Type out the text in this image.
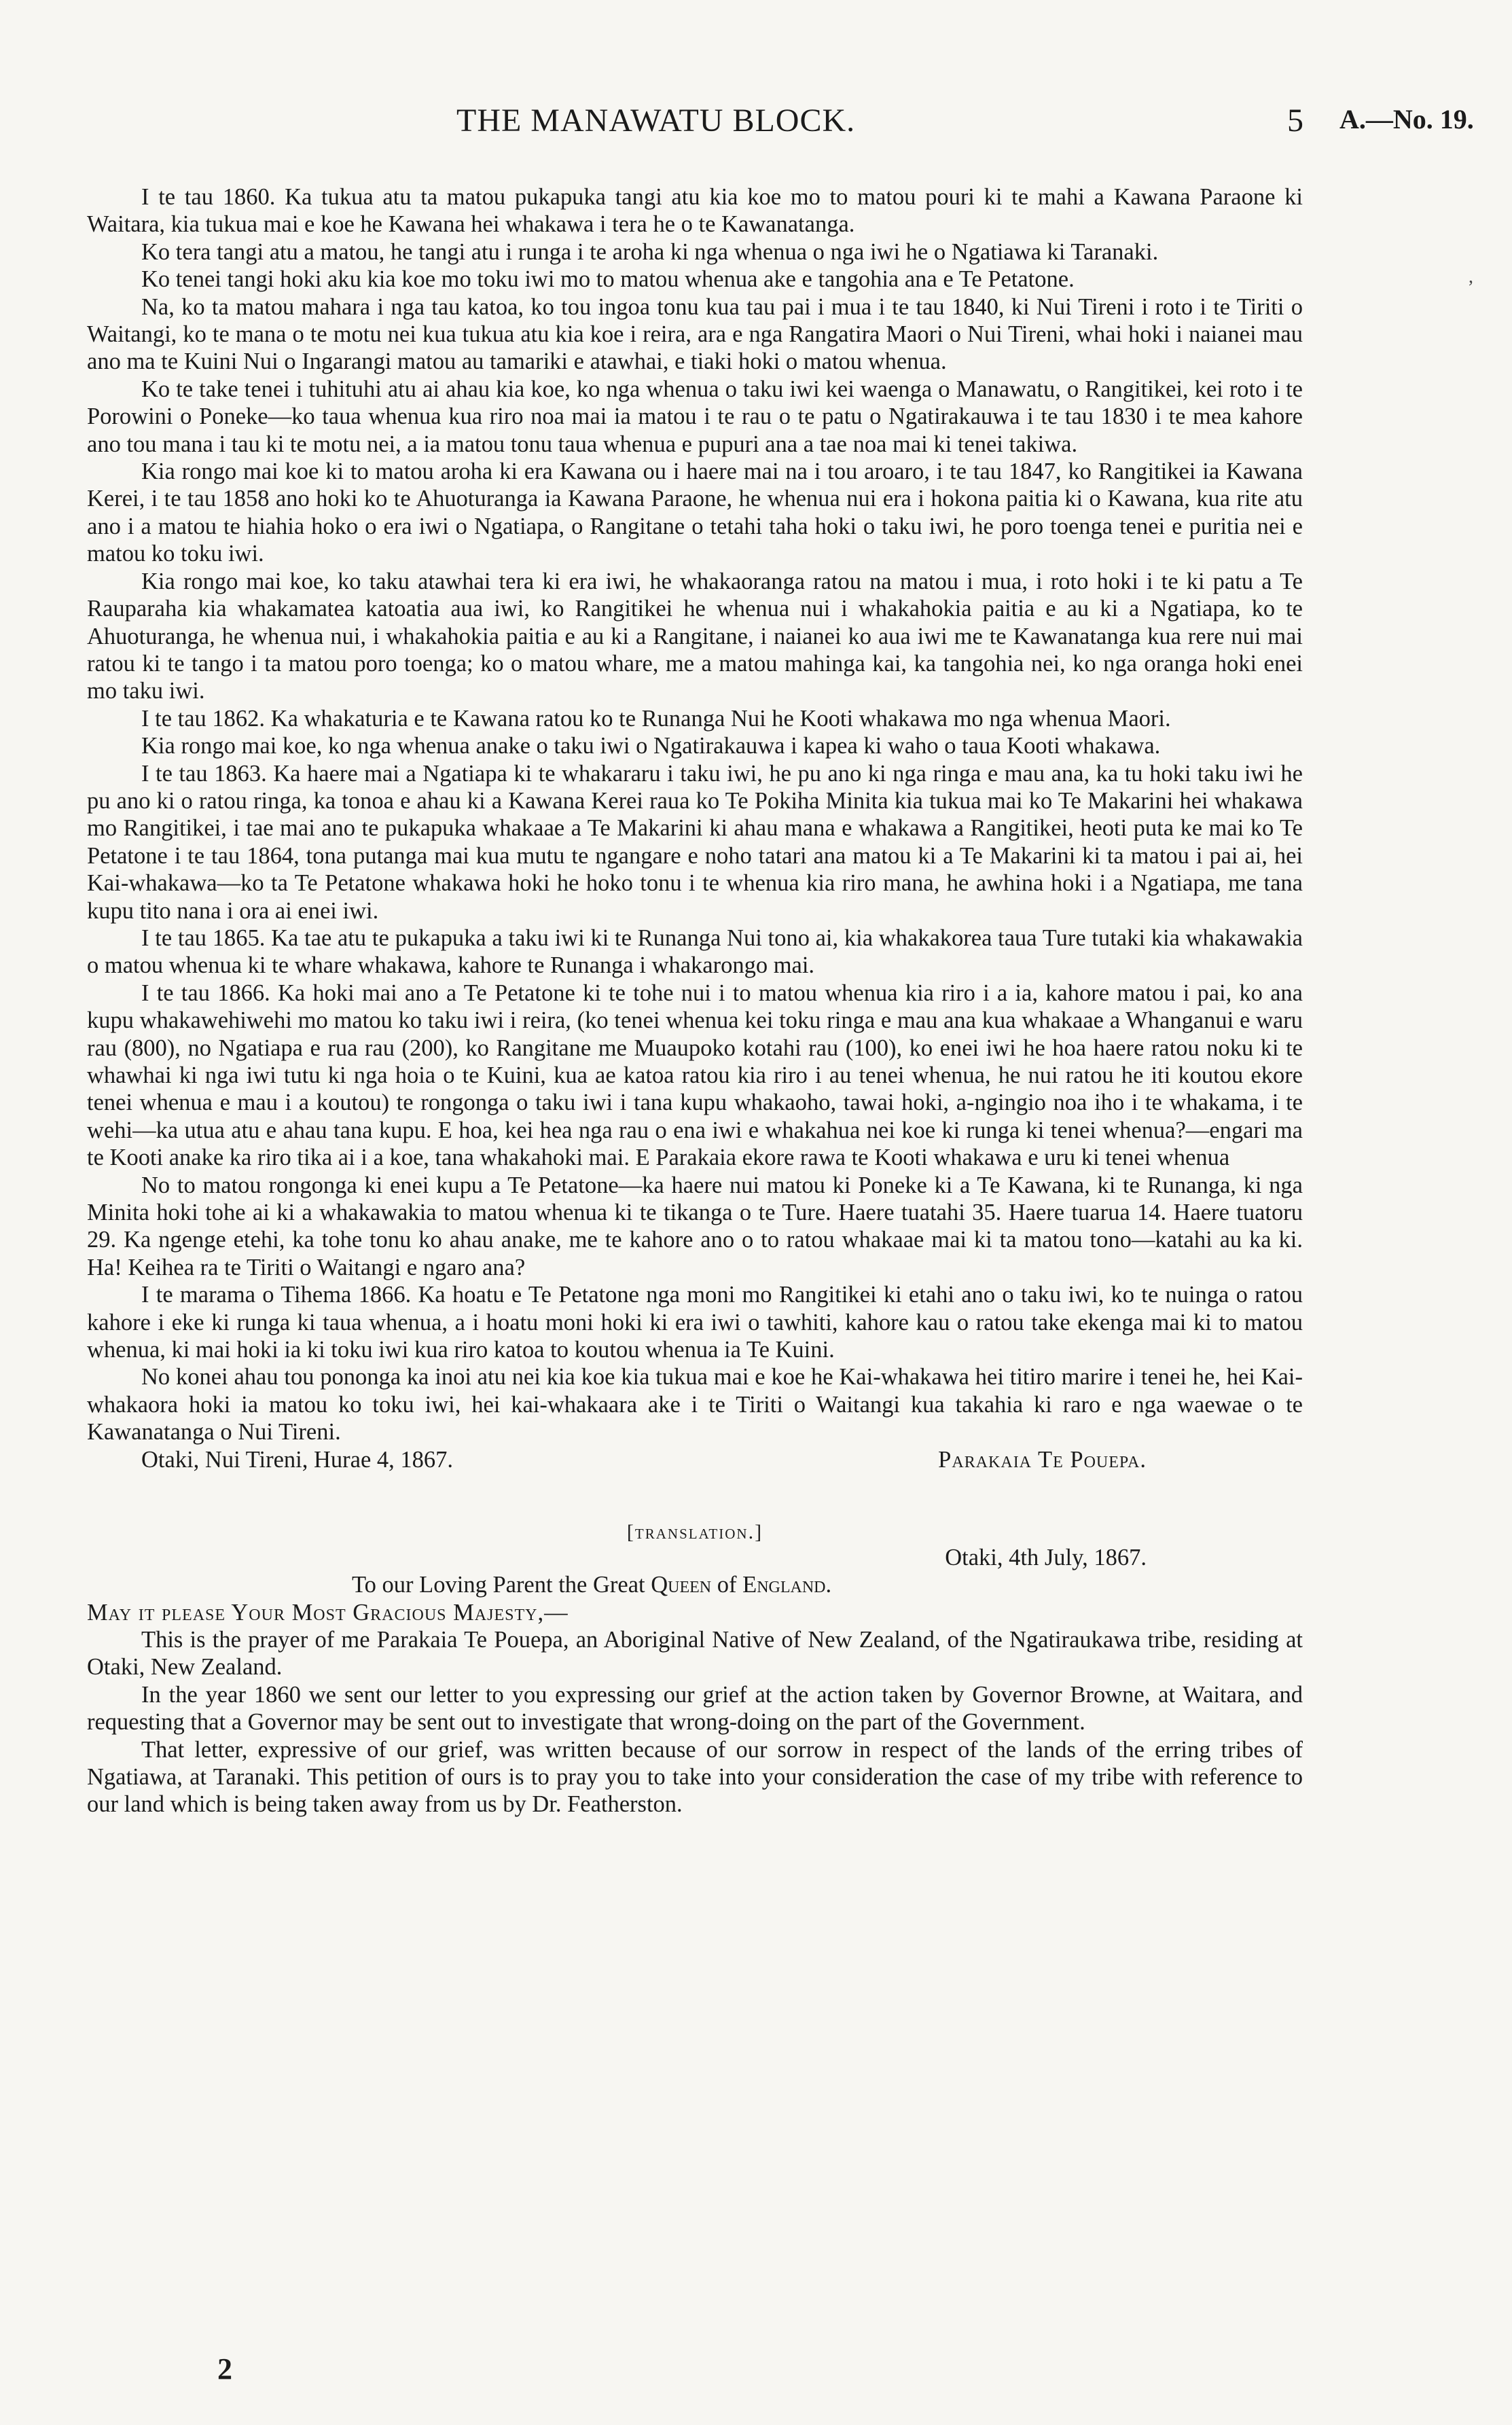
THE MANAWATU BLOCK.	5 A.—No. 19.

I te tau 1860. Ka tukua atu ta matou pukapuka tangi atu kia koe mo to matou pouri ki te mahi a Kawana Paraone ki Waitara, kia tukua mai e koe he Kawana hei whakawa i tera he o te Kawanatanga.

Ko tera tangi atu a matou, he tangi atu i runga i te aroha ki nga whenua o nga iwi he o Ngatiawa ki Taranaki.

Ko tenei tangi hoki aku kia koe mo toku iwi mo to matou whenua ake e tangohia ana e Te Petatone.

Na, ko ta matou mahara i nga tau katoa, ko tou ingoa tonu kua tau pai i mua i te tau 1840, ki Nui Tireni i roto i te Tiriti o Waitangi, ko te mana o te motu nei kua tukua atu kia koe i reira, ara e nga Rangatira Maori o Nui Tireni, whai hoki i naianei mau ano ma te Kuini Nui o Ingarangi matou au tamariki e atawhai, e tiaki hoki o matou whenua.

Ko te take tenei i tuhituhi atu ai ahau kia koe, ko nga whenua o taku iwi kei waenga o Manawatu, o Rangitikei, kei roto i te Porowini o Poneke—ko taua whenua kua riro noa mai ia matou i te rau o te patu o Ngatirakauwa i te tau 1830 i te mea kahore ano tou mana i tau ki te motu nei, a ia matou tonu taua whenua e pupuri ana a tae noa mai ki tenei takiwa.

Kia rongo mai koe ki to matou aroha ki era Kawana ou i haere mai na i tou aroaro, i te tau 1847, ko Rangitikei ia Kawana Kerei, i te tau 1858 ano hoki ko te Ahuoturanga ia Kawana Paraone, he whenua nui era i hokona paitia ki o Kawana, kua rite atu ano i a matou te hiahia hoko o era iwi o Ngatiapa, o Rangitane o tetahi taha hoki o taku iwi, he poro toenga tenei e puritia nei e matou ko toku iwi.

Kia rongo mai koe, ko taku atawhai tera ki era iwi, he whakaoranga ratou na matou i mua, i roto hoki i te ki patu a Te Rauparaha kia whakamatea katoatia aua iwi, ko Rangitikei he whenua nui i whakahokia paitia e au ki a Ngatiapa, ko te Ahuoturanga, he whenua nui, i whakahokia paitia e au ki a Rangitane, i naianei ko aua iwi me te Kawanatanga kua rere nui mai ratou ki te tango i ta matou poro toenga; ko o matou whare, me a matou mahinga kai, ka tangohia nei, ko nga oranga hoki enei mo taku iwi.

I te tau 1862. Ka whakaturia e te Kawana ratou ko te Runanga Nui he Kooti whakawa mo nga whenua Maori.

Kia rongo mai koe, ko nga whenua anake o taku iwi o Ngatirakauwa i kapea ki waho o taua Kooti whakawa.

I te tau 1863. Ka haere mai a Ngatiapa ki te whakararu i taku iwi, he pu ano ki nga ringa e mau ana, ka tu hoki taku iwi he pu ano ki o ratou ringa, ka tonoa e ahau ki a Kawana Kerei raua ko Te Pokiha Minita kia tukua mai ko Te Makarini hei whakawa mo Rangitikei, i tae mai ano te pukapuka whakaae a Te Makarini ki ahau mana e whakawa a Rangitikei, heoti puta ke mai ko Te Petatone i te tau 1864, tona putanga mai kua mutu te ngangare e noho tatari ana matou ki a Te Makarini ki ta matou i pai ai, hei Kai-whakawa—ko ta Te Petatone whakawa hoki he hoko tonu i te whenua kia riro mana, he awhina hoki i a Ngatiapa, me tana kupu tito nana i ora ai enei iwi.

I te tau 1865. Ka tae atu te pukapuka a taku iwi ki te Runanga Nui tono ai, kia whakakorea taua Ture tutaki kia whakawakia o matou whenua ki te whare whakawa, kahore te Runanga i whakarongo mai.

I te tau 1866. Ka hoki mai ano a Te Petatone ki te tohe nui i to matou whenua kia riro i a ia, kahore matou i pai, ko ana kupu whakawehiwehi mo matou ko taku iwi i reira, (ko tenei whenua kei toku ringa e mau ana kua whakaae a Whanganui e waru rau (800), no Ngatiapa e rua rau (200), ko Rangitane me Muaupoko kotahi rau (100), ko enei iwi he hoa haere ratou noku ki te whawhai ki nga iwi tutu ki nga hoia o te Kuini, kua ae katoa ratou kia riro i au tenei whenua, he nui ratou he iti koutou ekore tenei whenua e mau i a koutou) te rongonga o taku iwi i tana kupu whakaoho, tawai hoki, a-ngingio noa iho i te whakama, i te wehi—ka utua atu e ahau tana kupu. E hoa, kei hea nga rau o ena iwi e whakahua nei koe ki runga ki tenei whenua?—engari ma te Kooti anake ka riro tika ai i a koe, tana whakahoki mai. E Parakaia ekore rawa te Kooti whakawa e uru ki tenei whenua

No to matou rongonga ki enei kupu a Te Petatone—ka haere nui matou ki Poneke ki a Te Kawana, ki te Runanga, ki nga Minita hoki tohe ai ki a whakawakia to matou whenua ki te tikanga o te Ture. Haere tuatahi 35. Haere tuarua 14. Haere tuatoru 29. Ka ngenge etehi, ka tohe tonu ko ahau anake, me te kahore ano o to ratou whakaae mai ki ta matou tono—katahi au ka ki. Ha! Keihea ra te Tiriti o Waitangi e ngaro ana?

I te marama o Tihema 1866. Ka hoatu e Te Petatone nga moni mo Rangitikei ki etahi ano o taku iwi, ko te nuinga o ratou kahore i eke ki runga ki taua whenua, a i hoatu moni hoki ki era iwi o tawhiti, kahore kau o ratou take ekenga mai ki to matou whenua, ki mai hoki ia ki toku iwi kua riro katoa to koutou whenua ia Te Kuini.

No konei ahau tou pononga ka inoi atu nei kia koe kia tukua mai e koe he Kai-whakawa hei titiro marire i tenei he, hei Kai-whakaora hoki ia matou ko toku iwi, hei kai-whakaara ake i te Tiriti o Waitangi kua takahia ki raro e nga waewae o te Kawanatanga o Nui Tireni.

Otaki, Nui Tireni, Hurae 4, 1867.	Parakaia Te Pouepa.
[translation.]
Otaki, 4th July, 1867.
To our Loving Parent the Great Queen of England.
May it please Your Most Gracious Majesty,—

This is the prayer of me Parakaia Te Pouepa, an Aboriginal Native of New Zealand, of the Ngatiraukawa tribe, residing at Otaki, New Zealand.

In the year 1860 we sent our letter to you expressing our grief at the action taken by Governor Browne, at Waitara, and requesting that a Governor may be sent out to investigate that wrong-doing on the part of the Government.

That letter, expressive of our grief, was written because of our sorrow in respect of the lands of the erring tribes of Ngatiawa, at Taranaki. This petition of ours is to pray you to take into your consideration the case of my tribe with reference to our land which is being taken away from us by Dr. Featherston.

2
,
